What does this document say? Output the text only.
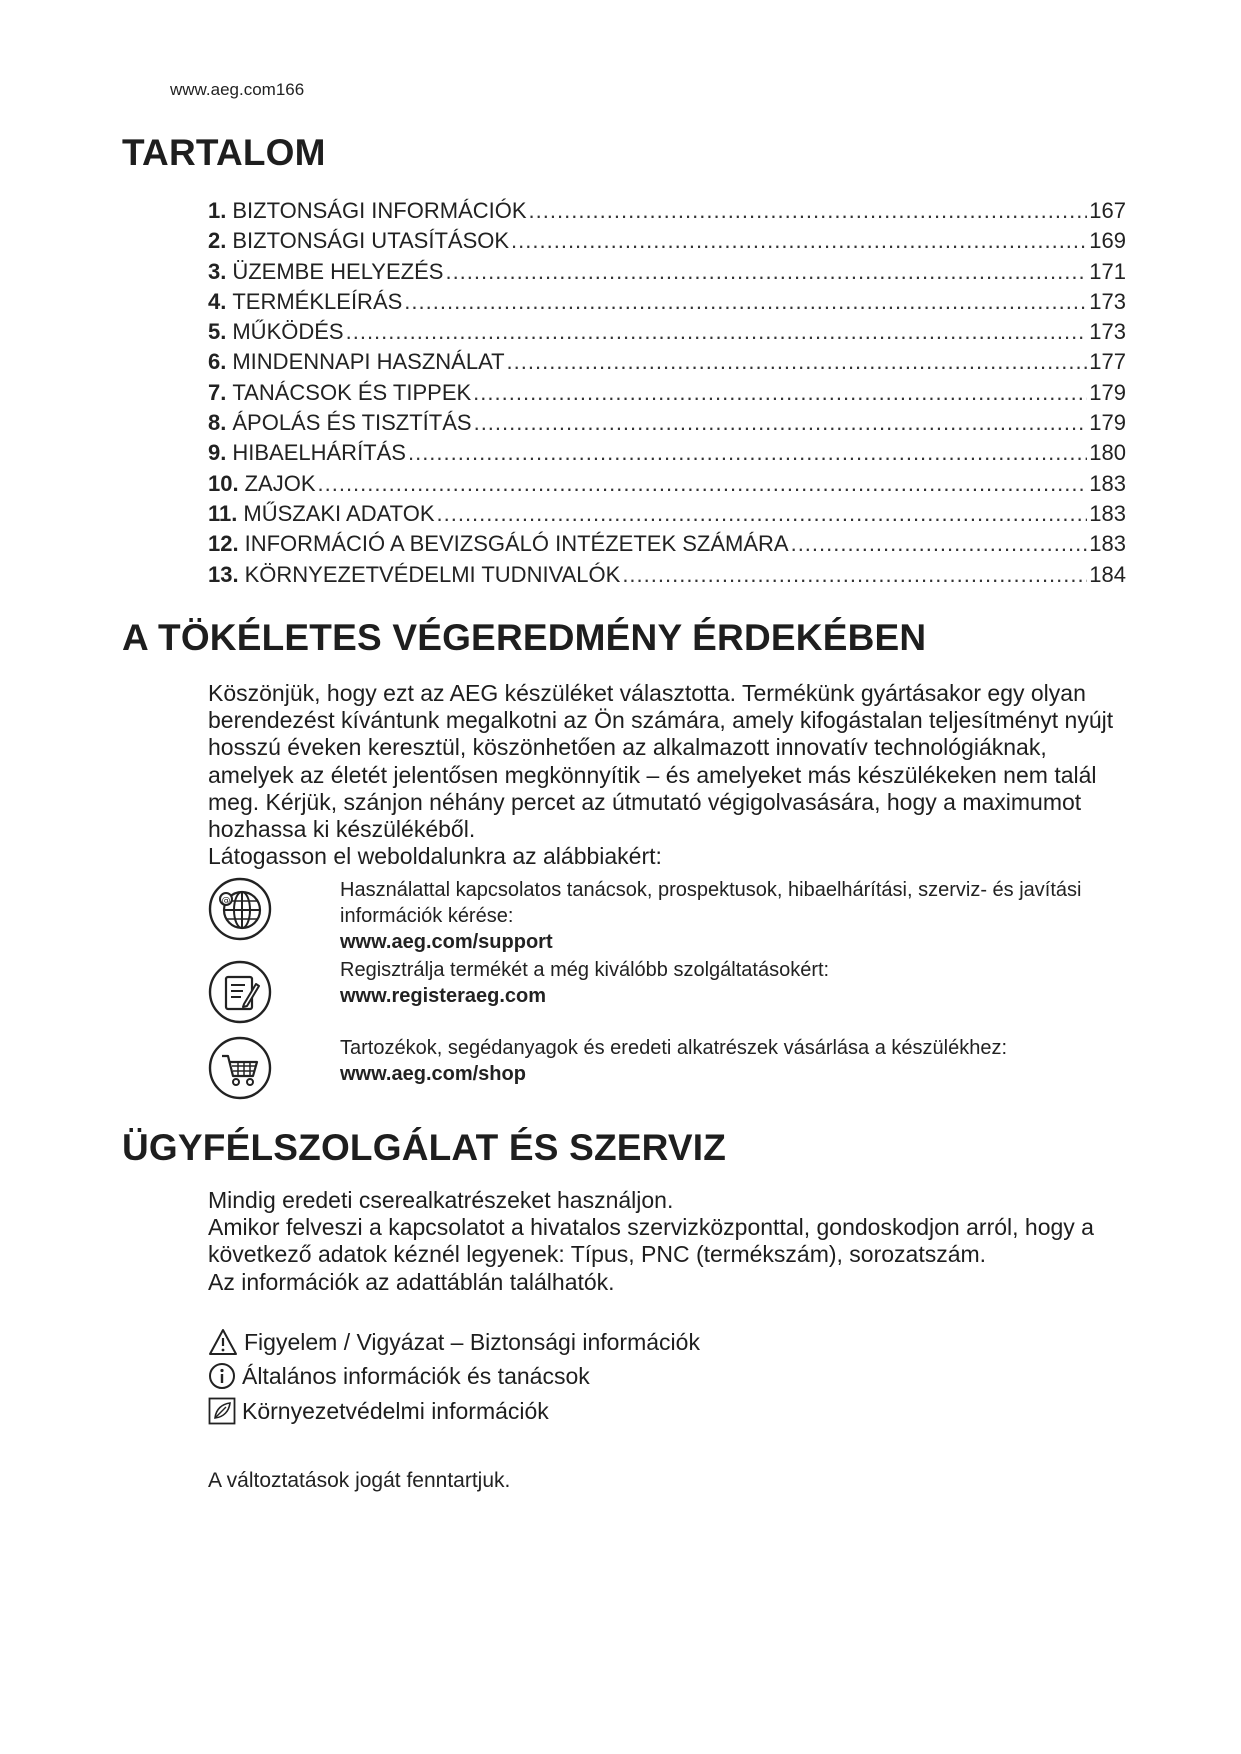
www.aeg.com166
TARTALOM
1. BIZTONSÁGI INFORMÁCIÓK .....	167
2. BIZTONSÁGI UTASÍTÁSOK .....	169
3. ÜZEMBE HELYEZÉS .....	171
4. TERMÉKLEÍRÁS .....	173
5. MŰKÖDÉS .....	173
6. MINDENNAPI HASZNÁLAT .....	177
7. TANÁCSOK ÉS TIPPEK .....	179
8. ÁPOLÁS ÉS TISZTÍTÁS .....	179
9. HIBAELHÁRÍTÁS .....	180
10. ZAJOK .....	183
11. MŰSZAKI ADATOK .....	183
12. INFORMÁCIÓ A BEVIZSGÁLÓ INTÉZETEK SZÁMÁRA .....	183
13. KÖRNYEZETVÉDELMI TUDNIVALÓK .....	184
A TÖKÉLETES VÉGEREDMÉNY ÉRDEKÉBEN
Köszönjük, hogy ezt az AEG készüléket választotta. Termékünk gyártásakor egy olyan berendezést kívántunk megalkotni az Ön számára, amely kifogástalan teljesítményt nyújt hosszú éveken keresztül, köszönhetően az alkalmazott innovatív technológiáknak, amelyek az életét jelentősen megkönnyítik – és amelyeket más készülékeken nem talál meg. Kérjük, szánjon néhány percet az útmutató végigolvasására, hogy a maximumot hozhassa ki készülékéből.
Látogasson el weboldalunkra az alábbiakért:
@	Használattal kapcsolatos tanácsok, prospektusok, hibaelhárítási, szerviz- és javítási információk kérése:
www.aeg.com/support
Regisztrálja termékét a még kiválóbb szolgáltatásokért:
www.registeraeg.com
Tartozékok, segédanyagok és eredeti alkatrészek vásárlása a készülékhez:
www.aeg.com/shop
ÜGYFÉLSZOLGÁLAT ÉS SZERVIZ
Mindig eredeti cserealkatrészeket használjon.
Amikor felveszi a kapcsolatot a hivatalos szervizközponttal, gondoskodjon arról, hogy a következő adatok kéznél legyenek: Típus, PNC (termékszám), sorozatszám.
Az információk az adattáblán találhatók.
Figyelem / Vigyázat – Biztonsági információk
Általános információk és tanácsok
Környezetvédelmi információk
A változtatások jogát fenntartjuk.
